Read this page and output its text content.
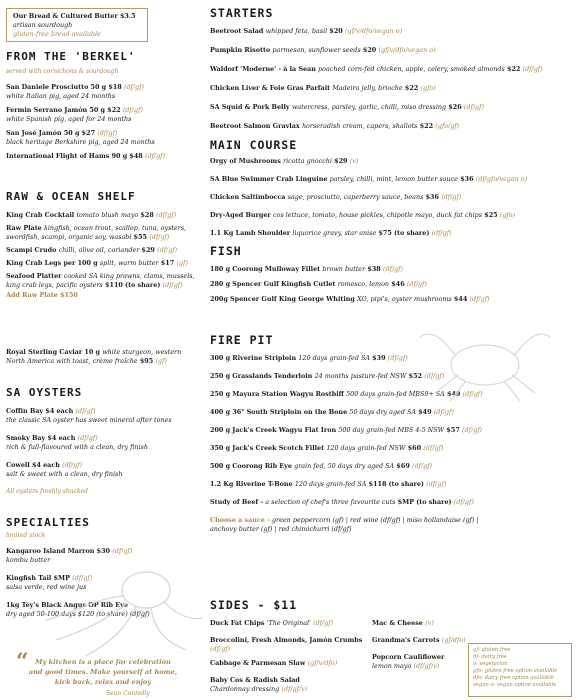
Our Bread & Cultured Butter $3.5
artisan sourdough
gluten-free bread available
FROM THE 'BERKEL'
served with cornichons & sourdough
San Daniele Prosciutto 50 g $18 (df/gf)
white Italian pig, aged 24 months
Fermin Serrano Jamón 50 g $22 (df/gf)
white Spanish pig, aged for 24 months
San José Jamón 50 g $27 (df/gf)
black heritage Berkshire pig, aged 24 months
International Flight of Hams 90 g $48 (df/gf)
RAW & OCEAN SHELF
King Crab Cocktail tomato blush mayo $28 (df/gf)
Raw Plate kingfish, ocean trout, scallop, tuna, oysters,
swordfish, scampi, organic soy, wasabi $55 (df/gf)
Scampi Crudo chilli, olive oil, coriander $29 (df/gf)
King Crab Legs per 100 g split, warm butter $17 (gf)
Seafood Platter cooked SA king prawns, clams, mussels,
king crab legs, pacific oysters $110 (to share) (df/gf)
Add Raw Plate $150
Royal Sterling Caviar 10 g white sturgeon, western
North America with toast, crème fraîche $95 (gf)
SA OYSTERS
Coffin Bay $4 each (df/gf)
the classic SA oyster has sweet mineral after tones
Smoky Bay $4 each (df/gf)
rich & full-flavoured with a clean, dry finish
Cowell $4 each (df/gf)
salt & sweet with a clean, dry finish
All oysters freshly shucked
SPECIALTIES
limited stock
Kangaroo Island Marron $30 (df/gf)
kombu butter
Kingfish Tail $MP (df/gf)
salsa verde, red wine jus
1kg Tey's Black Angus OP Rib Eye
dry aged 50-100 days $120 (to share) (df/gf)
“ My kitchen is a place for celebration and good times. Make yourself at home, kick back, relax and enjoy
Sean Connolly
STARTERS
Beetroot Salad whipped feta, basil $20 (gf/v/dfo/vegan o)
Pumpkin Risotto parmesan, sunflower seeds $20 (gf/v/dfo/vegan o)
Waldorf 'Moderne' - à la Sean poached corn-fed chicken, apple, celery, smoked almonds $22 (df/gf)
Chicken Liver & Foie Gras Parfait Madeira jelly, brioche $22 (gfo)
SA Squid & Pork Belly watercress, parsley, garlic, chilli, miso dressing $26 (df/gf)
Beetroot Salmon Gravlax horseradish cream, capers, shallots $22 (gfo/gf)
MAIN COURSE
Orgy of Mushrooms ricotta gnocchi $29 (v)
SA Blue Swimmer Crab Linguine parsley, chilli, mint, lemon butter sauce $36 (df/gfo/vegan o)
Chicken Saltimbocca sage, prosciutto, caperberry sauce, beans $36 (df/gf)
Dry-Aged Burger cos lettuce, tomato, house pickles, chipotle mayo, duck fat chips $25 (gfo)
1.1 Kg Lamb Shoulder liquorice gravy, star anise $75 (to share) (df/gf)
FISH
180 g Coorong Mulloway Fillet brown butter $38 (df/gf)
280 g Spencer Gulf Kingfish Cutlet romesco, lemon $46 (df/gf)
200g Spencer Gulf King George Whiting XO, pipi's, oyster mushrooms $44 (df/gf)
FIRE PIT
300 g Riverine Striploin 120 days grain-fed SA $39 (df/gf)
250 g Grasslands Tenderloin 24 months pasture-fed NSW $52 (df/gf)
250 g Mayura Station Wagyu Rostbiff 500 days grain-fed MBS9+ SA $49 (df/gf)
400 g 36° South Striploin on the Bone 50 days dry aged SA $49 (df/gf)
200 g Jack's Creek Wagyu Flat Iron 500 day grain-fed MBS 4-5 NSW $57 (df/gf)
350 g Jack's Creek Scotch Fillet 120 days grain-fed NSW $60 (df/gf)
500 g Coorong Rib Eye grain fed, 50 days dry aged SA $69 (df/gf)
1.2 Kg Riverine T-Bone 120 days grain-fed SA $118 (to share) (df/gf)
Study of Beef - a selection of chef's three favourite cuts $MP (to share) (df/gf)
Choose a sauce - green peppercorn (gf) | red wine (df/gf) | miso hollandaise (gf) |
anchovy butter (gf) | red chimichurri (df/gf)
SIDES - $11
Duck Fat Chips 'The Original' (df/gf)
Broccolini, Fresh Almonds, Jamón Crumbs
(df/gf)
Cabbage & Parmesan Slaw (gf/v/dfo)
Baby Cos & Radish Salad
Chardonnay dressing (df/gf/v)
Mac & Cheese (v)
Grandma's Carrots (gf/dfo)
Popcorn Cauliflower
lemon mayo (df/gf/v)
gf- gluten free
df- dairy free
v- vegetarian
gfo- gluten free option available
dfo- dairy free option available
vegan o- vegan option available
